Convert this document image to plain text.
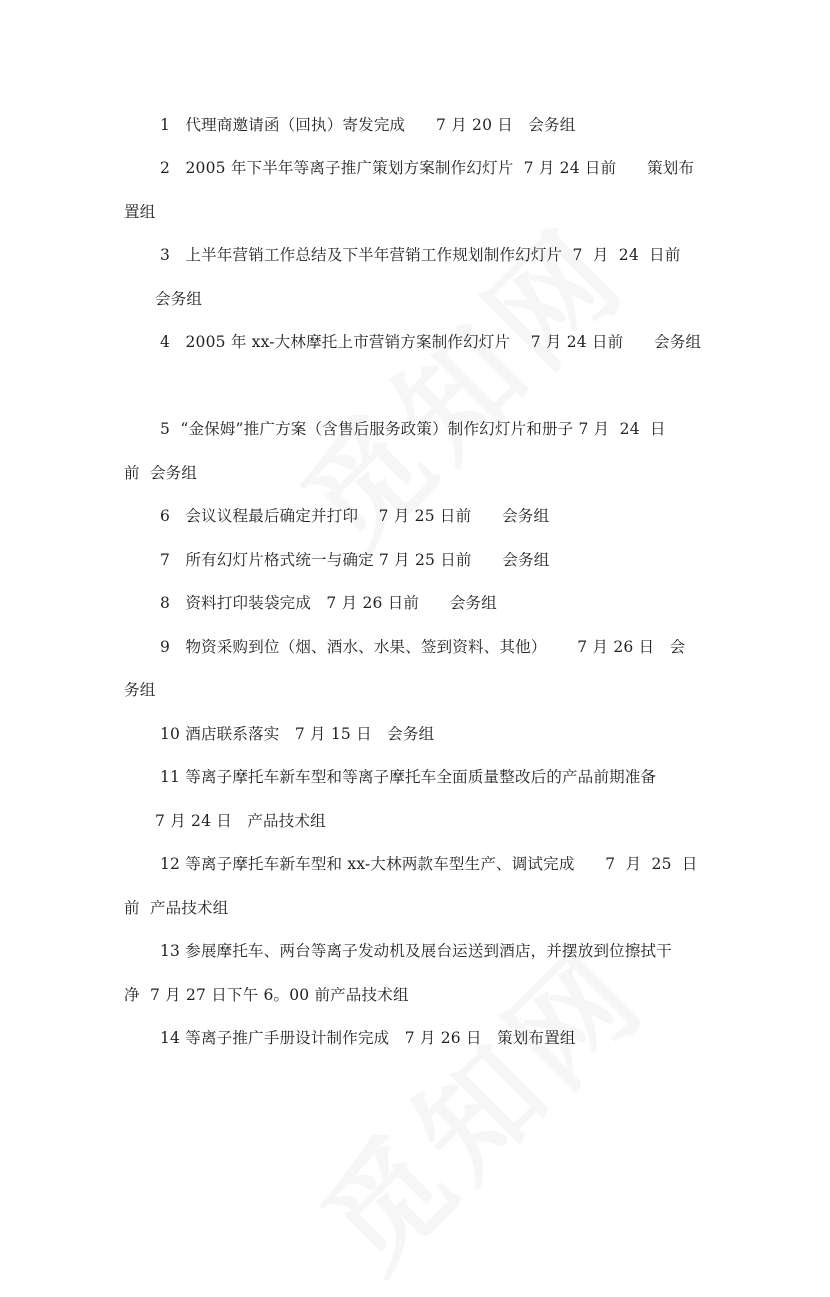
1   代理商邀请函（回执）寄发完成      7 月 20 日   会务组
2   2005 年下半年等离子推广策划方案制作幻灯片  7 月 24 日前      策划布
置组
3   上半年营销工作总结及下半年营销工作规划制作幻灯片  7  月  24  日前
会务组
4   2005 年 xx-大林摩托上市营销方案制作幻灯片    7 月 24 日前      会务组
5  “金保姆”推广方案（含售后服务政策）制作幻灯片和册子 7 月  24  日
前  会务组
6   会议议程最后确定并打印    7 月 25 日前      会务组
7   所有幻灯片格式统一与确定 7 月 25 日前      会务组
8   资料打印装袋完成   7 月 26 日前      会务组
9   物资采购到位（烟、酒水、水果、签到资料、其他）      7 月 26 日   会
务组
10 酒店联系落实   7 月 15 日   会务组
11 等离子摩托车新车型和等离子摩托车全面质量整改后的产品前期准备
7 月 24 日   产品技术组
12 等离子摩托车新车型和 xx-大林两款车型生产、调试完成      7  月  25  日
前  产品技术组
13 参展摩托车、两台等离子发动机及展台运送到酒店，并摆放到位擦拭干
净  7 月 27 日下午 6。00 前产品技术组
14 等离子推广手册设计制作完成   7 月 26 日   策划布置组
